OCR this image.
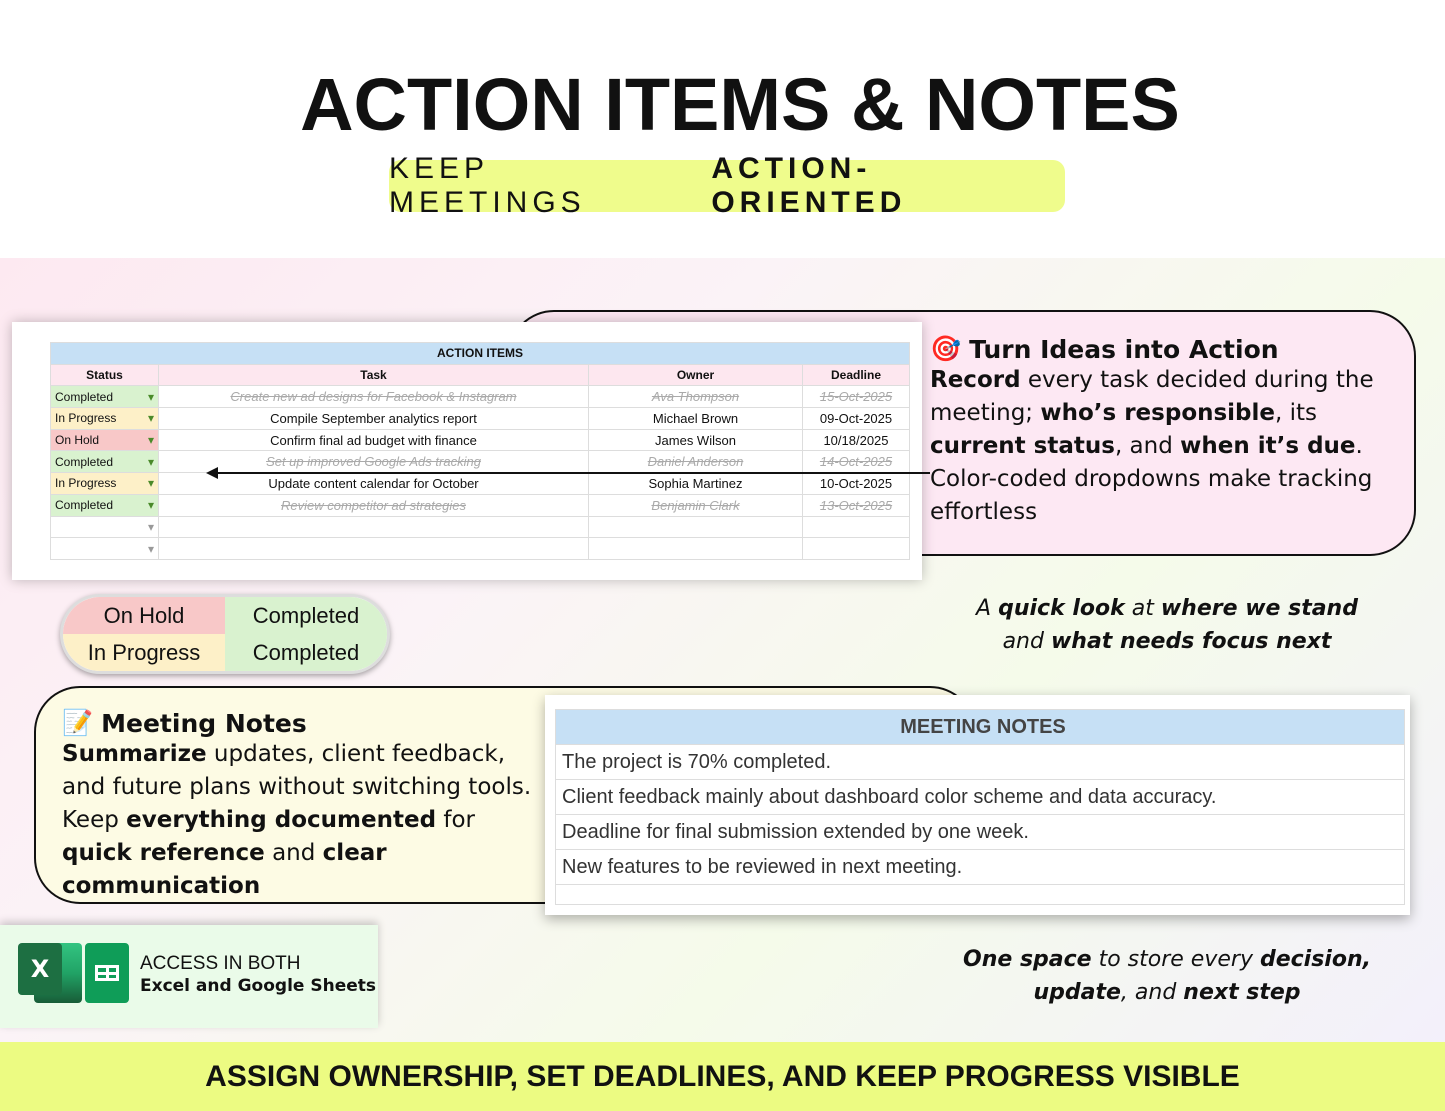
ACTION ITEMS & NOTES
KEEP MEETINGS
ACTION-ORIENTED
🎯 Turn Ideas into Action
Record every task decided during the meeting; who’s responsible, its current status, and when it’s due. Color-coded dropdowns make tracking effortless
ACTION ITEMS			
Status	Task	Owner	Deadline
Completed ▾	Create new ad designs for Facebook & Instagram	Ava Thompson	15-Oct-2025
In Progress ▾	Compile September analytics report	Michael Brown	09-Oct-2025
On Hold ▾	Confirm final ad budget with finance	James Wilson	10/18/2025
Completed ▾	Set up improved Google Ads tracking	Daniel Anderson	14-Oct-2025
In Progress ▾	Update content calendar for October	Sophia Martinez	10-Oct-2025
Completed ▾	Review competitor ad strategies	Benjamin Clark	13-Oct-2025
▾			
▾			
On Hold	Completed
In Progress	Completed
A quick look at where we stand
and what needs focus next
📝 Meeting Notes
Summarize updates, client feedback, and future plans without switching tools. Keep everything documented for quick reference and clear communication
MEETING NOTES
The project is 70% completed.
Client feedback mainly about dashboard color scheme and data accuracy.
Deadline for final submission extended by one week.
New features to be reviewed in next meeting.

X	ACCESS IN BOTH
Excel and Google Sheets
One space to store every decision,
update, and next step
ASSIGN OWNERSHIP, SET DEADLINES, AND KEEP PROGRESS VISIBLE
